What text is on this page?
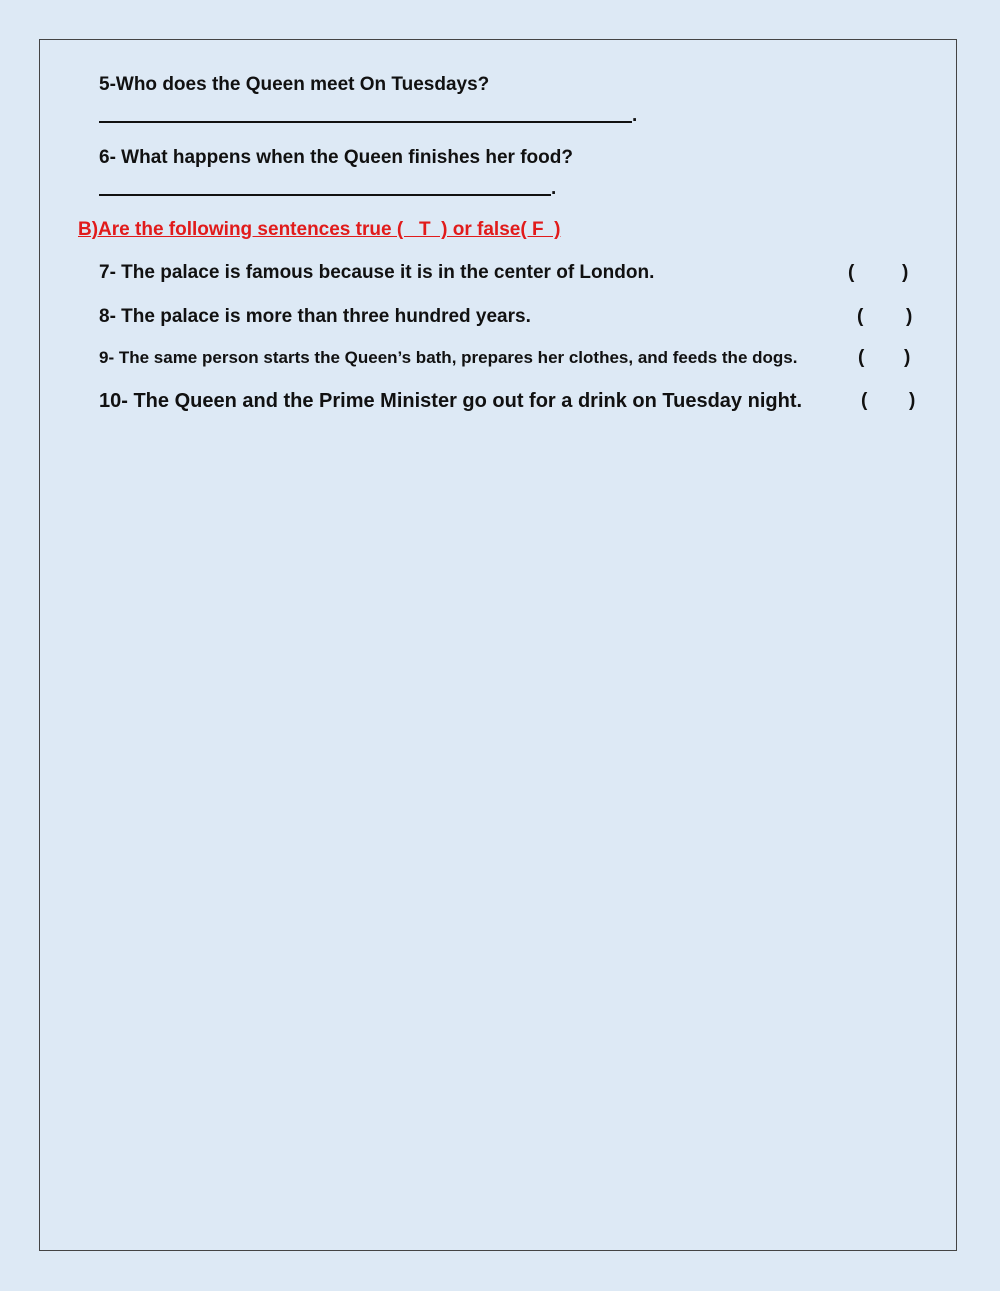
5-Who does the Queen meet On Tuesdays?
.
6- What happens when the Queen finishes her food?
.
B)Are the following sentences true (   T  ) or false( F  )
7- The palace is famous because it is in the center of London.	(	)
8- The palace is more than three hundred years.	( )
9- The same person starts the Queen’s bath, prepares her clothes, and feeds the dogs.	( )
10- The Queen and the Prime Minister go out for a drink on Tuesday night.	( )
